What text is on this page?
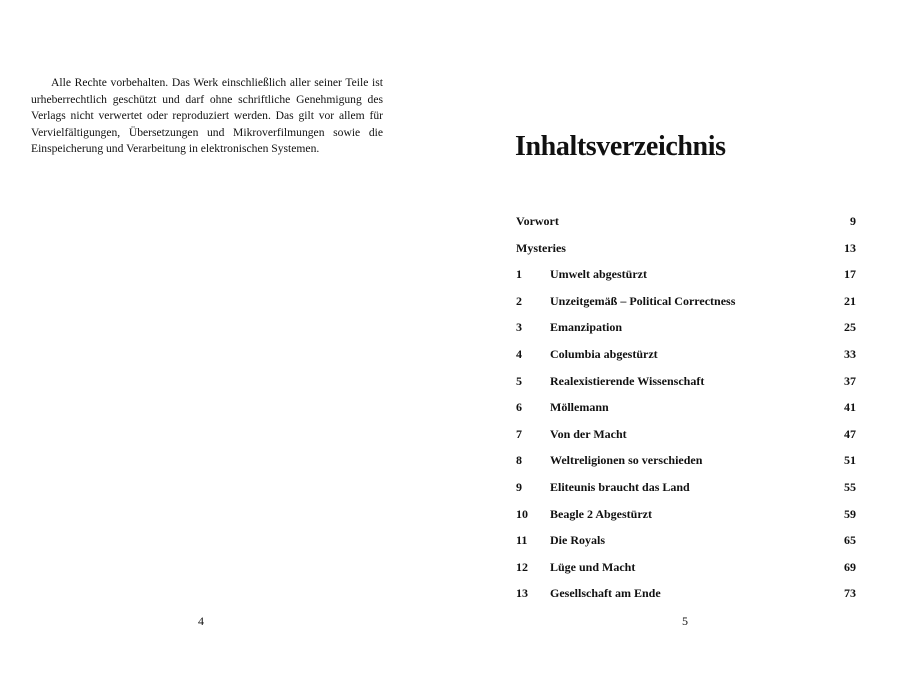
Alle Rechte vorbehalten. Das Werk einschließlich aller seiner Teile ist urheberrechtlich geschützt und darf ohne schriftliche Genehmigung des Verlags nicht verwertet oder reproduziert werden. Das gilt vor allem für Vervielfältigungen, Übersetzungen und Mikroverfilmungen sowie die Einspeicherung und Verarbeitung in elektronischen Systemen.

4

Inhaltsverzeichnis
Vorwort	9
Mysteries	13
1 Umwelt abgestürzt	17
2 Unzeitgemäß – Political Correctness	21
3 Emanzipation	25
4 Columbia abgestürzt	33
5 Realexistierende Wissenschaft	37
6 Möllemann	41
7 Von der Macht	47
8 Weltreligionen so verschieden	51
9 Eliteunis braucht das Land	55
10 Beagle 2 Abgestürzt	59
11 Die Royals	65
12 Lüge und Macht	69
13 Gesellschaft am Ende	73

5
